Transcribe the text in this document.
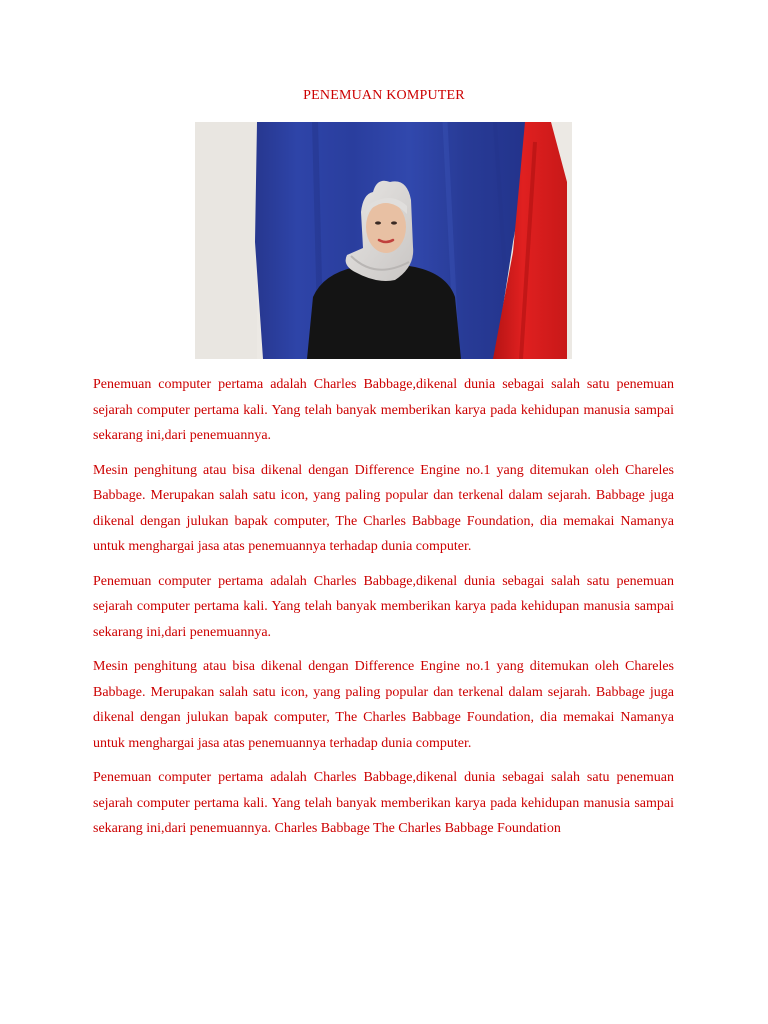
PENEMUAN KOMPUTER

Penemuan computer pertama adalah Charles Babbage,dikenal dunia sebagai salah satu penemuan sejarah computer pertama kali. Yang telah banyak memberikan karya pada kehidupan manusia sampai sekarang ini,dari penemuannya.

Mesin penghitung atau bisa dikenal dengan Difference Engine no.1 yang ditemukan oleh Chareles Babbage. Merupakan salah satu icon, yang paling popular dan terkenal dalam sejarah. Babbage juga dikenal dengan julukan bapak computer, The Charles Babbage Foundation, dia memakai Namanya untuk menghargai jasa atas penemuannya terhadap dunia computer.

Penemuan computer pertama adalah Charles Babbage,dikenal dunia sebagai salah satu penemuan sejarah computer pertama kali. Yang telah banyak memberikan karya pada kehidupan manusia sampai sekarang ini,dari penemuannya.

Mesin penghitung atau bisa dikenal dengan Difference Engine no.1 yang ditemukan oleh Chareles Babbage. Merupakan salah satu icon, yang paling popular dan terkenal dalam sejarah. Babbage juga dikenal dengan julukan bapak computer, The Charles Babbage Foundation, dia memakai Namanya untuk menghargai jasa atas penemuannya terhadap dunia computer.

Penemuan computer pertama adalah Charles Babbage,dikenal dunia sebagai salah satu penemuan sejarah computer pertama kali. Yang telah banyak memberikan karya pada kehidupan manusia sampai sekarang ini,dari penemuannya. Charles Babbage The Charles Babbage Foundation
